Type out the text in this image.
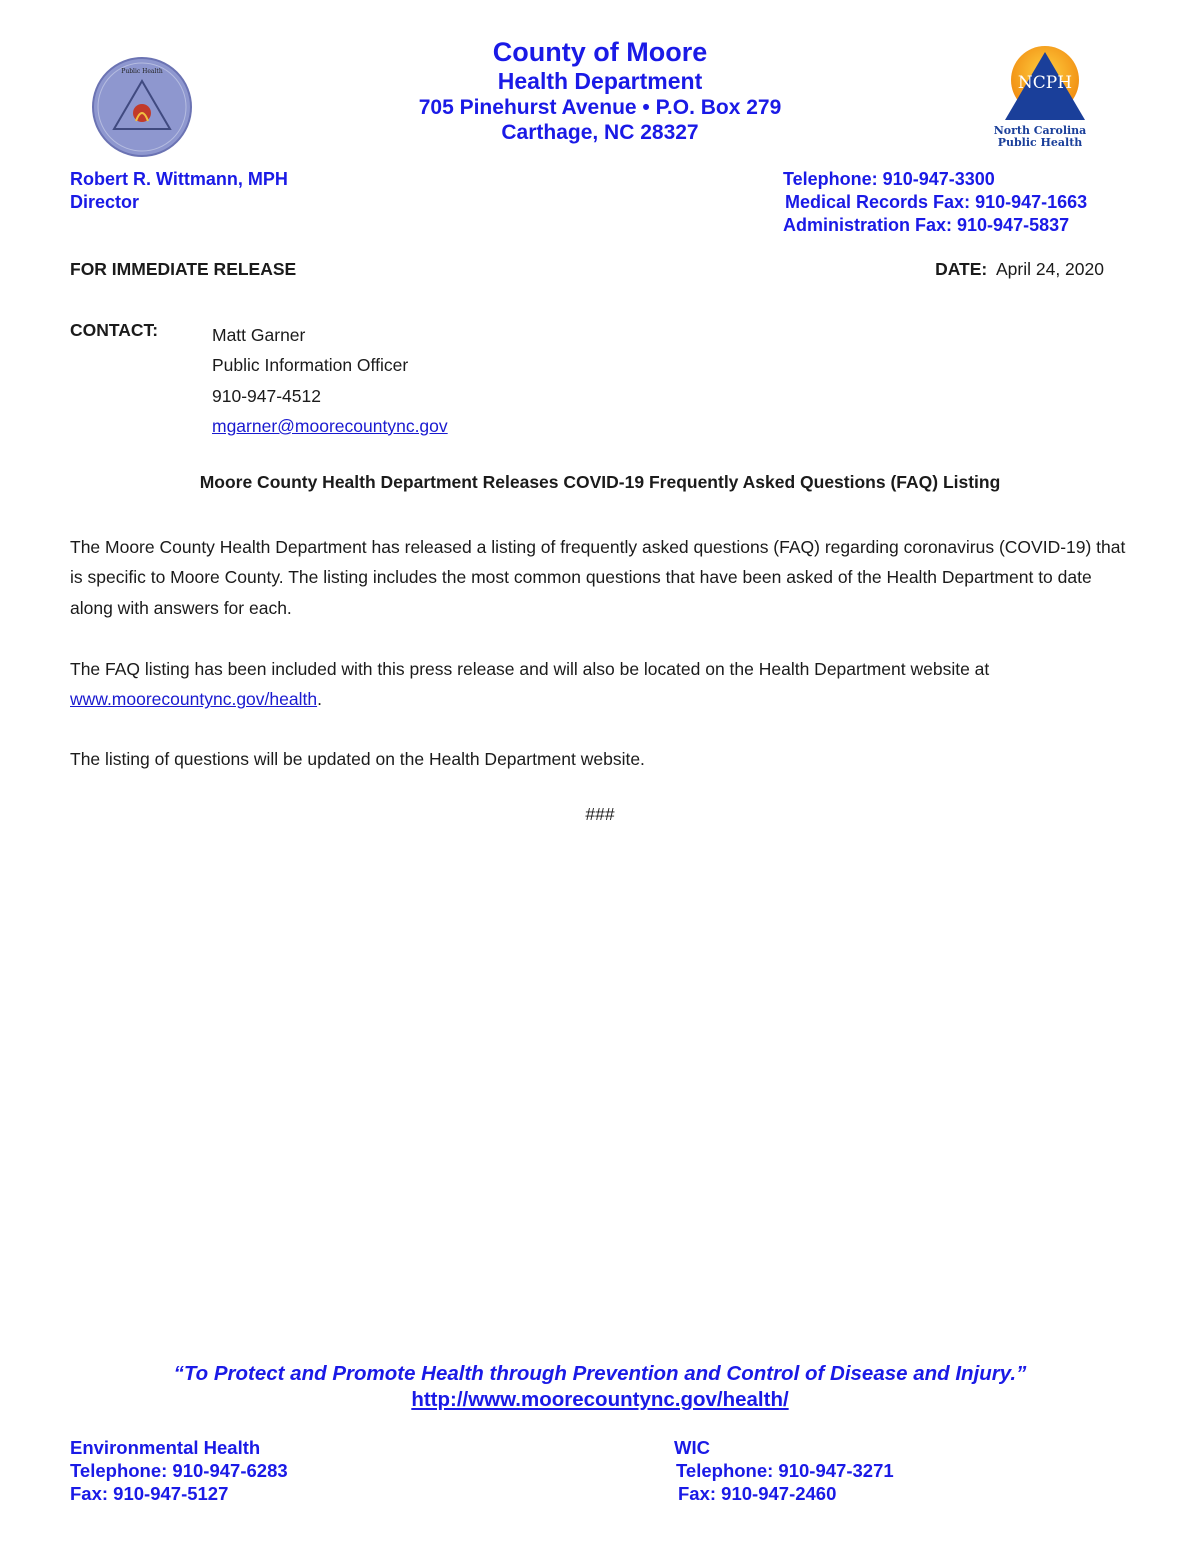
Public Health
County of Moore
Health Department
705 Pinehurst Avenue • P.O. Box 279
Carthage, NC 28327
NCPH
North Carolina
Public Health
Robert R. Wittmann, MPH
Director
Telephone: 910-947-3300
Medical Records Fax: 910-947-1663
Administration Fax: 910-947-5837
FOR IMMEDIATE RELEASE	DATE: April 24, 2020
CONTACT:	Matt Garner
Public Information Officer
910-947-4512
mgarner@moorecountync.gov
Moore County Health Department Releases COVID-19 Frequently Asked Questions (FAQ) Listing
The Moore County Health Department has released a listing of frequently asked questions (FAQ) regarding coronavirus (COVID-19) that is specific to Moore County. The listing includes the most common questions that have been asked of the Health Department to date along with answers for each.
The FAQ listing has been included with this press release and will also be located on the Health Department website at www.moorecountync.gov/health.
The listing of questions will be updated on the Health Department website.
###
“To Protect and Promote Health through Prevention and Control of Disease and Injury.”
http://www.moorecountync.gov/health/
Environmental Health
Telephone: 910-947-6283
Fax: 910-947-5127
WIC
Telephone: 910-947-3271
Fax: 910-947-2460
